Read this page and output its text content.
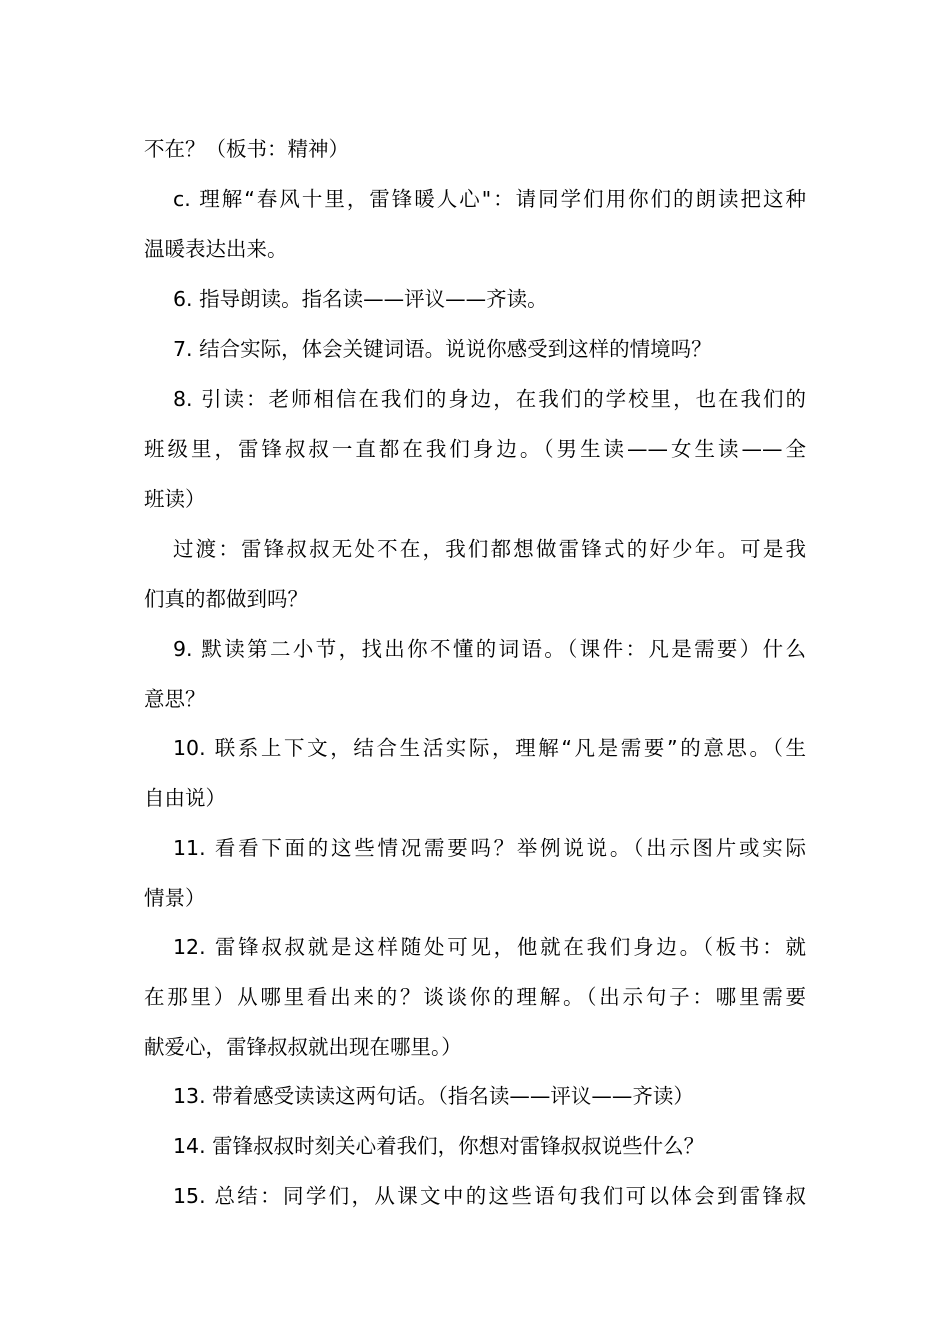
不在？（板书：精神）
c. 理解“春风十里，雷锋暖人心"：请同学们用你们的朗读把这种
温暖表达出来。
6. 指导朗读。指名读——评议——齐读。
7. 结合实际，体会关键词语。说说你感受到这样的情境吗？
8. 引读：老师相信在我们的身边，在我们的学校里，也在我们的
班级里，雷锋叔叔一直都在我们身边。（男生读——女生读——全
班读）
过渡：雷锋叔叔无处不在，我们都想做雷锋式的好少年。可是我
们真的都做到吗？
9. 默读第二小节，找出你不懂的词语。（课件：凡是需要）什么
意思？
10. 联系上下文，结合生活实际，理解“凡是需要”的意思。（生
自由说）
11. 看看下面的这些情况需要吗？举例说说。（出示图片或实际
情景）
12. 雷锋叔叔就是这样随处可见，他就在我们身边。（板书：就
在那里）从哪里看出来的？谈谈你的理解。（出示句子：哪里需要
献爱心，雷锋叔叔就出现在哪里。）
13. 带着感受读读这两句话。（指名读——评议——齐读）
14. 雷锋叔叔时刻关心着我们，你想对雷锋叔叔说些什么？
15. 总结：同学们，从课文中的这些语句我们可以体会到雷锋叔
